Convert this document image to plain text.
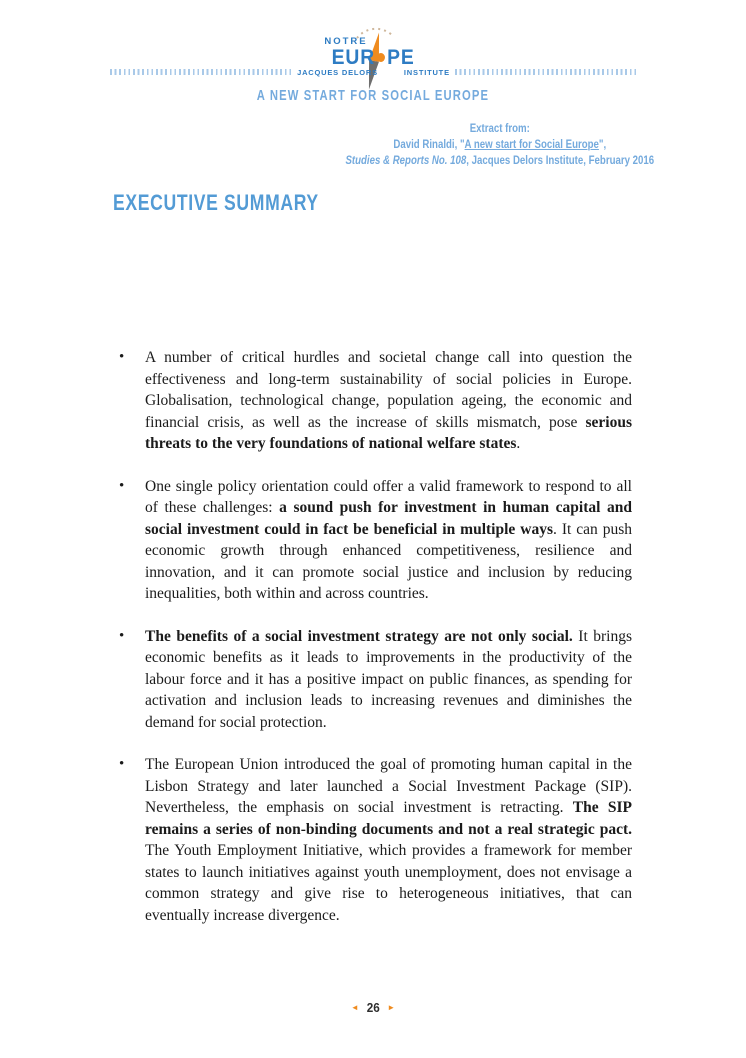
NOTRE
EUR PE
JACQUES DELORS	INSTITUTE
A NEW START FOR SOCIAL EUROPE
Extract from:
David Rinaldi, "A new start for Social Europe",
Studies & Reports No. 108, Jacques Delors Institute, February 2016
EXECUTIVE SUMMARY
• A number of critical hurdles and societal change call into question the effectiveness and long-term sustainability of social policies in Europe. Globalisation, technological change, population ageing, the economic and financial crisis, as well as the increase of skills mismatch, pose serious threats to the very foundations of national welfare states.
• One single policy orientation could offer a valid framework to respond to all of these challenges: a sound push for investment in human capital and social investment could in fact be beneficial in multiple ways. It can push economic growth through enhanced competitiveness, resilience and innovation, and it can promote social justice and inclusion by reducing inequalities, both within and across countries.
• The benefits of a social investment strategy are not only social. It brings economic benefits as it leads to improvements in the productivity of the labour force and it has a positive impact on public finances, as spending for activation and inclusion leads to increasing revenues and diminishes the demand for social protection.
• The European Union introduced the goal of promoting human capital in the Lisbon Strategy and later launched a Social Investment Package (SIP). Nevertheless, the emphasis on social investment is retracting. The SIP remains a series of non-binding documents and not a real strategic pact. The Youth Employment Initiative, which provides a framework for member states to launch initiatives against youth unemployment, does not envisage a common strategy and give rise to heterogeneous initiatives, that can eventually increase divergence.
◄ 26 ►
